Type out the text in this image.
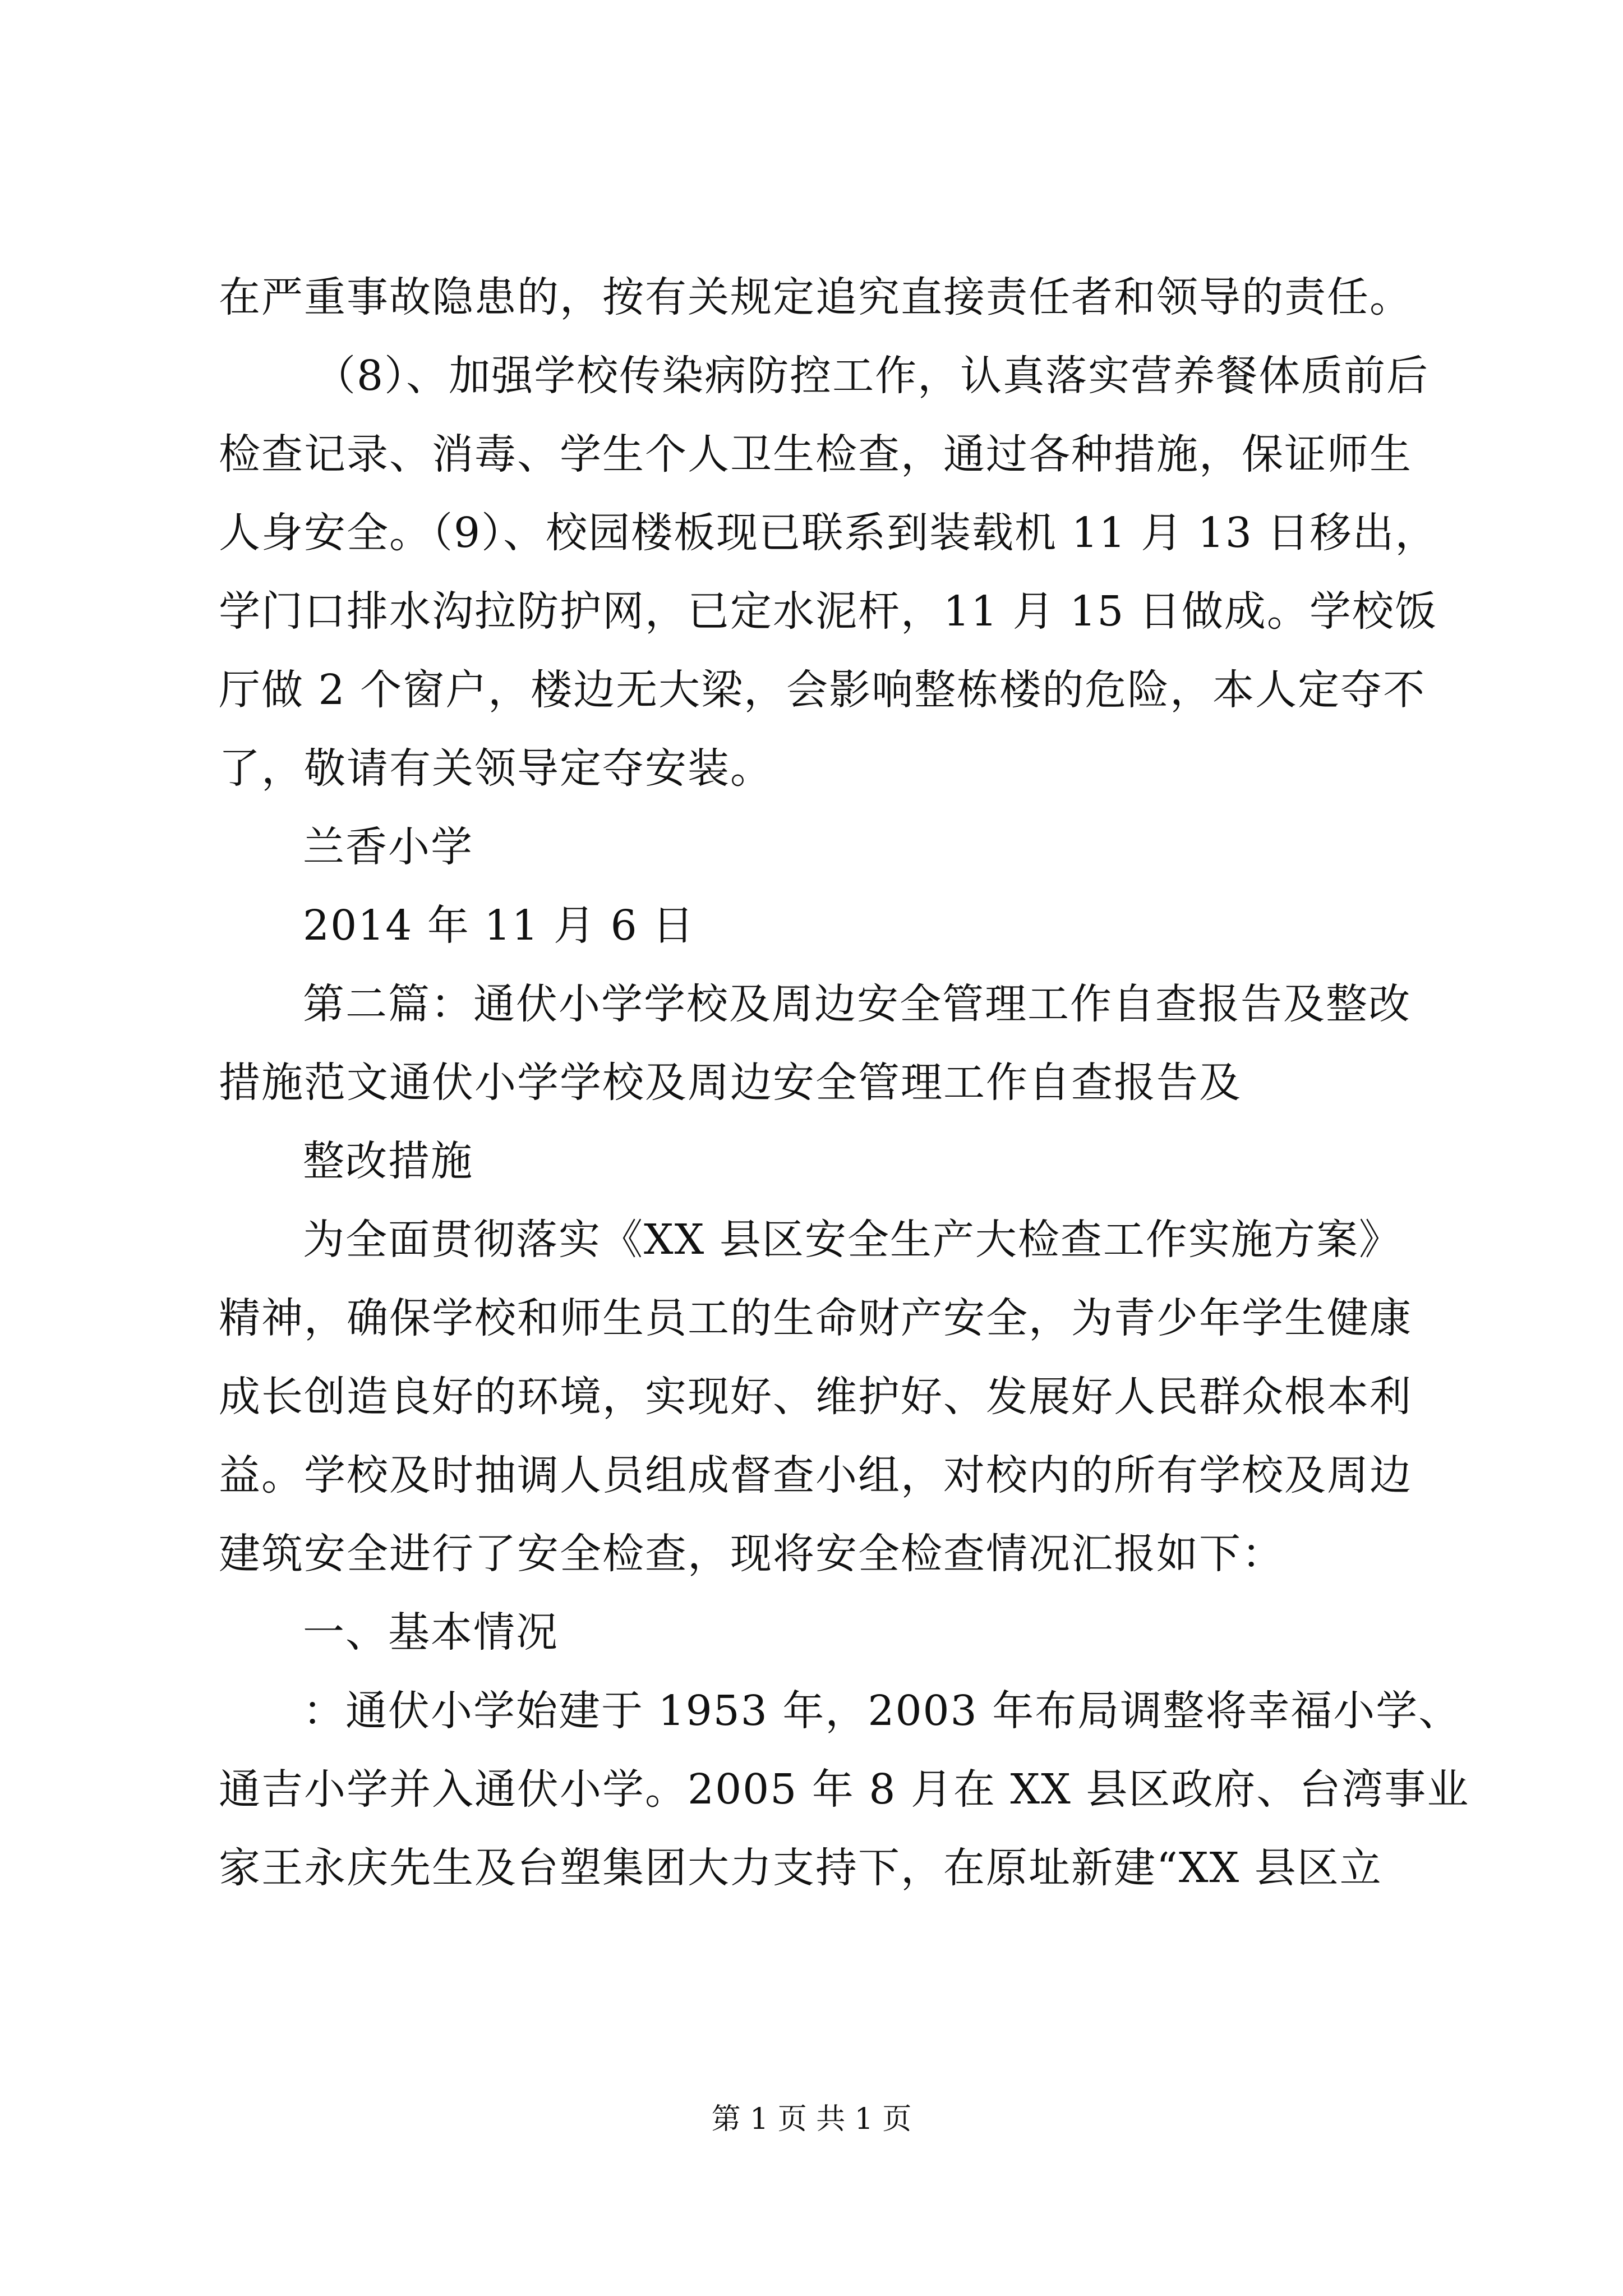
在严重事故隐患的，按有关规定追究直接责任者和领导的责任。
（8）、加强学校传染病防控工作，认真落实营养餐体质前后
检查记录、消毒、学生个人卫生检查，通过各种措施，保证师生
人身安全。（9）、校园楼板现已联系到装载机 11 月 13 日移出，
学门口排水沟拉防护网，已定水泥杆，11 月 15 日做成。学校饭
厅做 2 个窗户，楼边无大梁，会影响整栋楼的危险，本人定夺不
了，敬请有关领导定夺安装。
兰香小学
2014 年 11 月 6 日
第二篇：通伏小学学校及周边安全管理工作自查报告及整改
措施范文通伏小学学校及周边安全管理工作自查报告及
整改措施
为全面贯彻落实《XX 县区安全生产大检查工作实施方案》
精神，确保学校和师生员工的生命财产安全，为青少年学生健康
成长创造良好的环境，实现好、维护好、发展好人民群众根本利
益。学校及时抽调人员组成督查小组，对校内的所有学校及周边
建筑安全进行了安全检查，现将安全检查情况汇报如下：
一、基本情况
：通伏小学始建于 1953 年，2003 年布局调整将幸福小学、
通吉小学并入通伏小学。2005 年 8 月在 XX 县区政府、台湾事业
家王永庆先生及台塑集团大力支持下，在原址新建“XX 县区立
第 1 页 共 1 页
